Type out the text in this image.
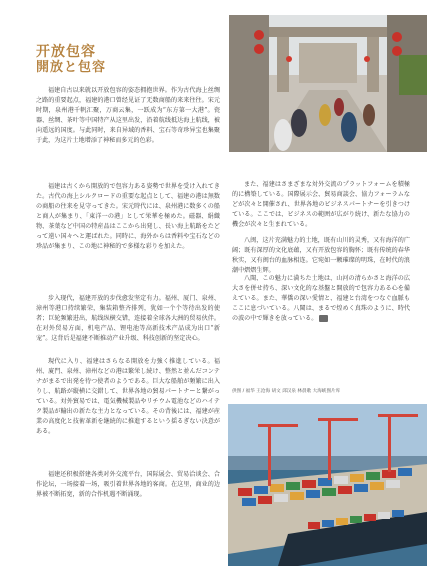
开放包容
開放と包容

福建自古以来就以开放包容的姿态拥抱世界。作为古代海上丝绸之路的重要起点，福建的港口曾经见证了无数商船的来来往往。宋元时期，泉州港千帆汇聚，万商云集，一跃成为“东方第一大港”。瓷器、丝绸、茶叶等中国特产从这里出发，沿着航线抵达海上航线，被向遥远的国度。与此同时，来自异域的香料、宝石等奇珍异宝也集聚于此，为这片土地增添了神秘而多元的色彩。

福建は古くから開放的で包容力ある姿勢で世界を受け入れてきた。古代の海上シルクロードの重要な起点として、福建の港は無数の商船の往来を見守ってきた。宋元時代には、泉州港に数多くの船と商人が集まり、「東洋一の港」として栄華を極めた。磁器、絹織物、茶葉など中国の特産品はここから出発し、長い海上航路をたどって遠い国々へと運ばれた。同時に、海外からは香料や宝石などの珍品が集まり、この地に神秘的で多様な彩りを加えた。

步入现代，福建开放的步伐愈发坚定有力。福州、厦门、泉州、漳州等港口持续繁荣，集装箱整齐排列，犹如一个个等待出发的使者；巨轮频繁进出，航线纵横交错，连接着全球各大洲的贸易伙伴。在对外贸易方面，机电产品、锂电池等高新技术产品成为出口“新宠”。这背后是福建不断推动产业升级、科技创新的坚定决心。

現代に入り、福建はさらなる開放を力強く推進している。福州、廈門、泉州、漳州などの港は繁栄し続け、整然と並んだコンテナがまるで出発を待つ使者のようである。巨大な船舶が頻繁に出入りし、航路が縦横に交錯して、世界各地の貿易パートナーと繋がっている。対外貿易では、電気機械製品やリチウム電池などのハイテク製品が輸出の新たな主力となっている。その背後には、福建が産業の高度化と技術革新を継続的に推進するという揺るぎない決意がある。

福建还积极搭建各类对外交流平台，国际展会、贸易洽谈会、合作论坛，一场接着一场，吸引着世界各地的客商。在这里，商业的边界被不断拓宽，新的合作机遇不断涌现。

また、福建はさまざまな対外交流のプラットフォームを積極的に構築している。国際展示会、貿易商談会、協力フォーラムなどが次々と開催され、世界各地のビジネスパートナーを引きつけている。ここでは、ビジネスの範囲が広がり続け、新たな協力の機会が次々と生まれている。

八闽，这片充满魅力的土地，既有山川的灵秀，又有海洋的广阔；既有深厚的文化底蕴，又有开放包容的胸怀；既有传统的春华秋实，又有闽台的血脉相连。它宛如一颗璀璨的明珠，在时代的浪潮中熠熠生辉。

八閩、この魅力に満ちた土地は、山河の清らかさと海洋の広大さを併せ持ち、深い文化的な基盤と開放的で包容力ある心を備えている。また、華僑の深い愛情と、福建と台湾をつなぐ血脈もここに息づいている。八閩は、まるで煌めく真珠のように、時代の波の中で輝きを放っている。

供图 / 福华 王沧海 胡文 邱汉泉 林晨歌 大海峡图片库
